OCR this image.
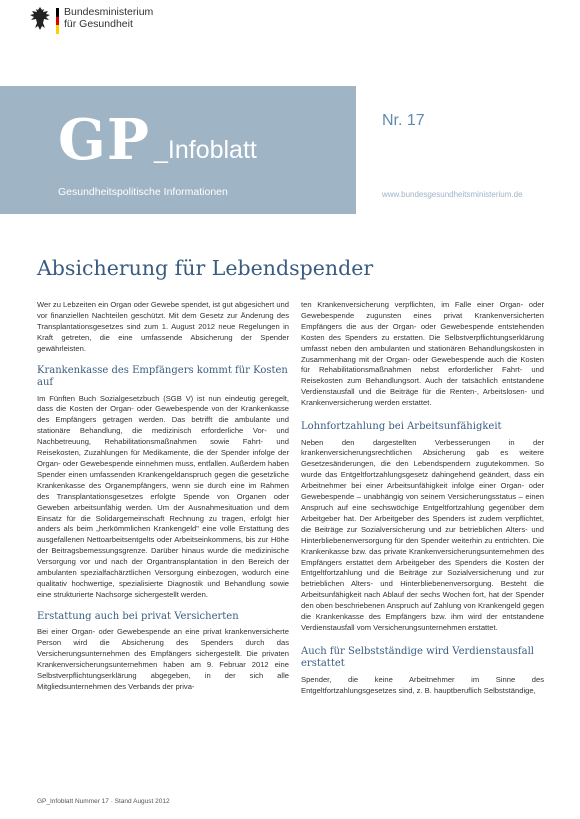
Bundesministerium
für Gesundheit
GP _Infoblatt
Gesundheitspolitische Informationen
Nr. 17
www.bundesgesundheitsministerium.de
Absicherung für Lebendspender

Wer zu Lebzeiten ein Organ oder Gewebe spendet, ist gut abgesichert und vor finanziellen Nachteilen geschützt. Mit dem Gesetz zur Änderung des Transplantationsgesetzes sind zum 1. August 2012 neue Regelungen in Kraft getreten, die eine umfassende Absicherung der Spender gewährleisten.

Krankenkasse des Empfängers kommt für Kosten auf

Im Fünften Buch Sozialgesetzbuch (SGB V) ist nun eindeutig geregelt, dass die Kosten der Organ- oder Gewebespende von der Krankenkasse des Empfängers getragen werden. Das betrifft die ambulante und stationäre Behandlung, die medizinisch erforderliche Vor- und Nachbetreuung, Rehabilitationsmaßnahmen sowie Fahrt- und Reisekosten, Zuzahlungen für Medikamente, die der Spender infolge der Organ- oder Gewebespende einnehmen muss, entfallen. Außerdem haben Spender einen umfassenden Krankengeldanspruch gegen die gesetzliche Krankenkasse des Organempfängers, wenn sie durch eine im Rahmen des Transplantationsgesetzes erfolgte Spende von Organen oder Geweben arbeitsunfähig werden. Um der Ausnahmesituation und dem Einsatz für die Solidargemeinschaft Rechnung zu tragen, erfolgt hier anders als beim „herkömmlichen Krankengeld" eine volle Erstattung des ausgefallenen Nettoarbeitsentgelts oder Arbeitseinkommens, bis zur Höhe der Beitragsbemessungsgrenze. Darüber hinaus wurde die medizinische Versorgung vor und nach der Organtransplantation in den Bereich der ambulanten spezialfachärztlichen Versorgung einbezogen, wodurch eine qualitativ hochwertige, spezialisierte Diagnostik und Behandlung sowie eine strukturierte Nachsorge sichergestellt werden.

Erstattung auch bei privat Versicherten

Bei einer Organ- oder Gewebespende an eine privat krankenversicherte Person wird die Absicherung des Spenders durch das Versicherungsunternehmen des Empfängers sichergestellt. Die privaten Krankenversicherungsunternehmen haben am 9. Februar 2012 eine Selbstverpflichtungserklärung abgegeben, in der sich alle Mitgliedsunternehmen des Verbands der priva-

ten Krankenversicherung verpflichten, im Falle einer Organ- oder Gewebespende zugunsten eines privat Krankenversicherten Empfängers die aus der Organ- oder Gewebespende entstehenden Kosten des Spenders zu erstatten. Die Selbstverpflichtungserklärung umfasst neben den ambulanten und stationären Behandlungskosten in Zusammenhang mit der Organ- oder Gewebespende auch die Kosten für Rehabilitationsmaßnahmen nebst erforderlicher Fahrt- und Reisekosten zum Behandlungsort. Auch der tatsächlich entstandene Verdienstausfall und die Beiträge für die Renten-, Arbeitslosen- und Krankenversicherung werden erstattet.

Lohnfortzahlung bei Arbeitsunfähigkeit

Neben den dargestellten Verbesserungen in der krankenversicherungsrechtlichen Absicherung gab es weitere Gesetzesänderungen, die den Lebendspendern zugutekommen. So wurde das Entgeltfortzahlungsgesetz dahingehend geändert, dass ein Arbeitnehmer bei einer Arbeitsunfähigkeit infolge einer Organ- oder Gewebespende – unabhängig von seinem Versicherungsstatus – einen Anspruch auf eine sechswöchige Entgeltfortzahlung gegenüber dem Arbeitgeber hat. Der Arbeitgeber des Spenders ist zudem verpflichtet, die Beiträge zur Sozialversicherung und zur betrieblichen Alters- und Hinterbliebenenversorgung für den Spender weiterhin zu entrichten. Die Krankenkasse bzw. das private Krankenversicherungsunternehmen des Empfängers erstattet dem Arbeitgeber des Spenders die Kosten der Entgeltfortzahlung und die Beiträge zur Sozialversicherung und zur betrieblichen Alters- und Hinterbliebenenversorgung. Besteht die Arbeitsunfähigkeit nach Ablauf der sechs Wochen fort, hat der Spender den oben beschriebenen Anspruch auf Zahlung von Krankengeld gegen die Krankenkasse des Empfängers bzw. ihm wird der entstandene Verdienstausfall vom Versicherungsunternehmen erstattet.

Auch für Selbstständige wird Verdienstausfall erstattet

Spender, die keine Arbeitnehmer im Sinne des Entgeltfortzahlungsgesetzes sind, z. B. hauptberuflich Selbstständige,

GP_Infoblatt Nummer 17 · Stand August 2012
